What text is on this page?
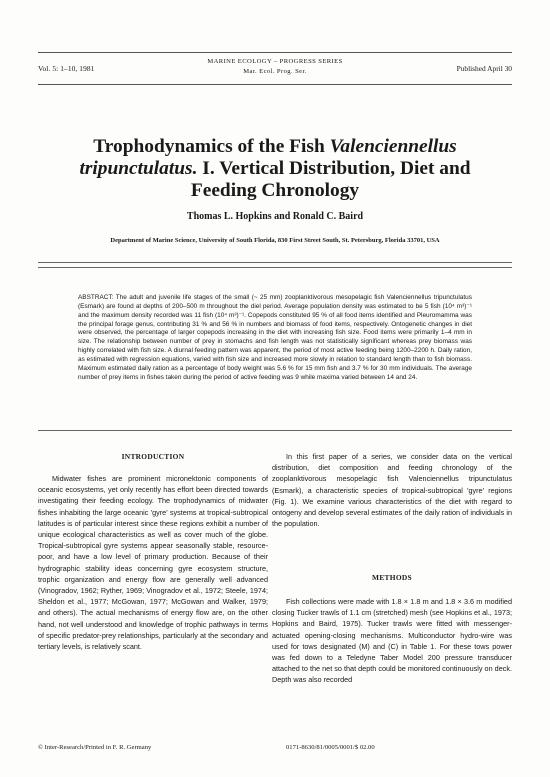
Vol. 5: 1–10, 1981
MARINE ECOLOGY – PROGRESS SERIES
Mar. Ecol. Prog. Ser.	Published April 30
Trophodynamics of the Fish Valenciennellus
tripunctulatus. I. Vertical Distribution, Diet and Feeding Chronology
Thomas L. Hopkins and Ronald C. Baird
Department of Marine Science, University of South Florida, 830 First Street South, St. Petersburg, Florida 33701, USA
ABSTRACT: The adult and juvenile life stages of the small (~ 25 mm) zooplanktivorous mesopelagic fish Valenciennellus tripunctulatus (Esmark) are found at depths of 200–500 m throughout the diel period. Average population density was estimated to be 5 fish (10⁴ m³)⁻¹ and the maximum density recorded was 11 fish (10⁴ m³)⁻¹. Copepods constituted 95 % of all food items identified and Pleuromamma was the principal forage genus, contributing 31 % and 56 % in numbers and biomass of food items, respectively. Ontogenetic changes in diet were observed, the percentage of larger copepods increasing in the diet with increasing fish size. Food items were primarily 1–4 mm in size. The relationship between number of prey in stomachs and fish length was not statistically significant whereas prey biomass was highly correlated with fish size. A diurnal feeding pattern was apparent, the period of most active feeding being 1200–2200 h. Daily ration, as estimated with regression equations, varied with fish size and increased more slowly in relation to standard length than to fish biomass. Maximum estimated daily ration as a percentage of body weight was 5.6 % for 15 mm fish and 3.7 % for 30 mm individuals. The average number of prey items in fishes taken during the period of active feeding was 9 while maxima varied between 14 and 24.
INTRODUCTION

Midwater fishes are prominent micronektonic components of oceanic ecosystems, yet only recently has effort been directed towards investigating their feeding ecology. The trophodynamics of midwater fishes inhabiting the large oceanic 'gyre' systems at tropical-subtropical latitudes is of particular interest since these regions exhibit a number of unique ecological characteristics as well as cover much of the globe. Tropical-subtropical gyre systems appear seasonally stable, resource-poor, and have a low level of primary production. Because of their hydrographic stability ideas concerning gyre ecosystem structure, trophic organization and energy flow are generally well advanced (Vinogradov, 1962; Ryther, 1969; Vinogradov et al., 1972; Steele, 1974; Sheldon et al., 1977; McGowan, 1977; McGowan and Walker, 1979; and others). The actual mechanisms of energy flow are, on the other hand, not well understood and knowledge of trophic pathways in terms of specific predator-prey relationships, particularly at the secondary and tertiary levels, is relatively scant.

In this first paper of a series, we consider data on the vertical distribution, diet composition and feeding chronology of the zooplanktivorous mesopelagic fish Valenciennellus tripunctulatus (Esmark), a characteristic species of tropical-subtropical 'gyre' regions (Fig. 1). We examine various characteristics of the diet with regard to ontogeny and develop several estimates of the daily ration of individuals in the population.

METHODS

Fish collections were made with 1.8 × 1.8 m and 1.8 × 3.6 m modified closing Tucker trawls of 1.1 cm (stretched) mesh (see Hopkins et al., 1973; Hopkins and Baird, 1975). Tucker trawls were fitted with messenger-actuated opening-closing mechanisms. Multiconductor hydro-wire was used for tows designated (M) and (C) in Table 1. For these tows power was fed down to a Teledyne Taber Model 200 pressure transducer attached to the net so that depth could be monitored continuously on deck. Depth was also recorded

© Inter-Research/Printed in F. R. Germany	0171-8630/81/0005/0001/$ 02.00
